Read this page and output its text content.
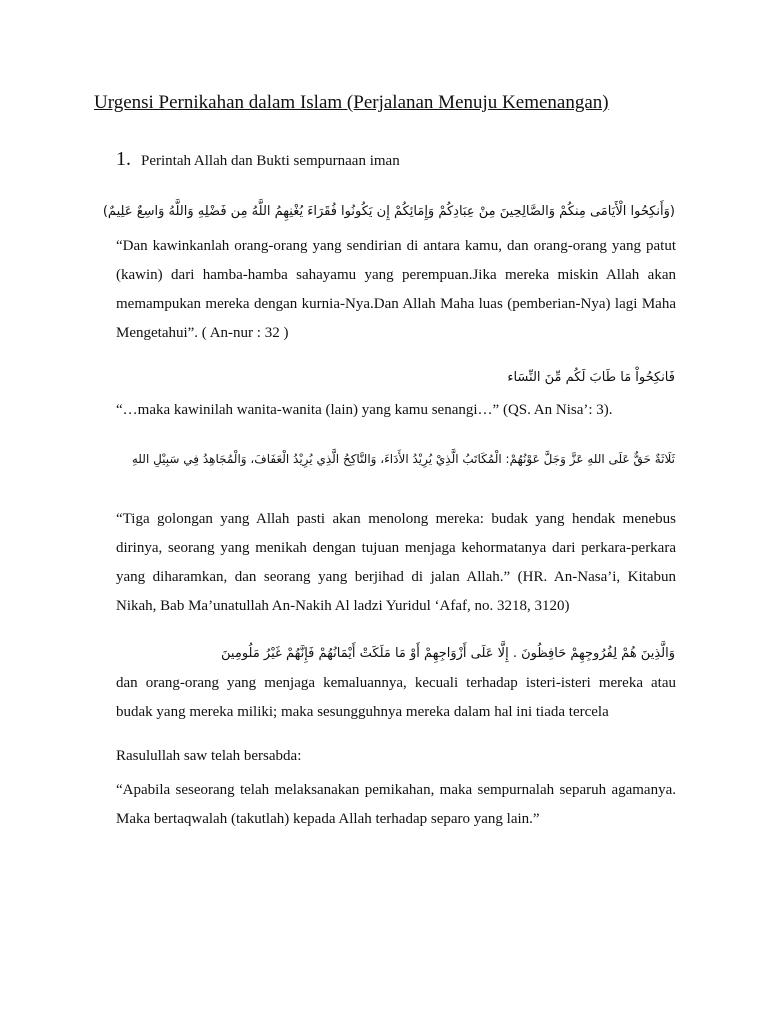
Urgensi Pernikahan dalam Islam (Perjalanan Menuju Kemenangan)
1. Perintah Allah dan Bukti sempurnaan iman
(وَأَنكِحُوا الْأَيَامَى مِنكُمْ وَالصَّالِحِينَ مِنْ عِبَادِكُمْ وَإِمَائِكُمْ إِن يَكُونُوا فُقَرَاءَ يُغْنِهِمُ اللَّهُ مِن فَضْلِهِ وَاللَّهُ وَاسِعٌ عَلِيمٌ)
“Dan kawinkanlah orang-orang yang sendirian di antara kamu, dan orang-orang yang patut (kawin) dari hamba-hamba sahayamu yang perempuan.Jika mereka miskin Allah akan memampukan mereka dengan kurnia-Nya.Dan Allah Maha luas (pemberian-Nya) lagi Maha Mengetahui”. ( An-nur : 32 )
فَانكِحُواْ مَا طَابَ لَكُم مِّنَ النِّسَاء
“…maka kawinilah wanita-wanita (lain) yang kamu senangi…” (QS. An Nisa’: 3).
ثَلَاثَةٌ حَقٌّ عَلَى اللهِ عَزَّ وَجَلَّ عَوْنُهُمْ: الْمُكَاتَبُ الَّذِيْ يُرِيْدُ الأَدَاءَ، وَالنَّاكِحُ الَّذِي يُرِيْدُ الْعَفَافَ، وَالْمُجَاهِدُ فِي سَبِيْلِ اللهِ
“Tiga golongan yang Allah pasti akan menolong mereka: budak yang hendak menebus dirinya, seorang yang menikah dengan tujuan menjaga kehormatanya dari perkara-perkara yang diharamkan, dan seorang yang berjihad di jalan Allah.” (HR. An-Nasa’i, Kitabun Nikah, Bab Ma’unatullah An-Nakih Al ladzi Yuridul ‘Afaf, no. 3218, 3120)
وَالَّذِينَ هُمْ لِفُرُوجِهِمْ حَافِظُونَ . إِلَّا عَلَى أَزْوَاجِهِمْ أَوْ مَا مَلَكَتْ أَيْمَانُهُمْ فَإِنَّهُمْ غَيْرُ مَلُومِينَ
dan orang-orang yang menjaga kemaluannya, kecuali terhadap isteri-isteri mereka atau budak yang mereka miliki; maka sesungguhnya mereka dalam hal ini tiada tercela
Rasulullah saw telah bersabda:
“Apabila seseorang telah melaksanakan pemikahan, maka sempurnalah separuh agamanya. Maka bertaqwalah (takutlah) kepada Allah terhadap separo yang lain.”
